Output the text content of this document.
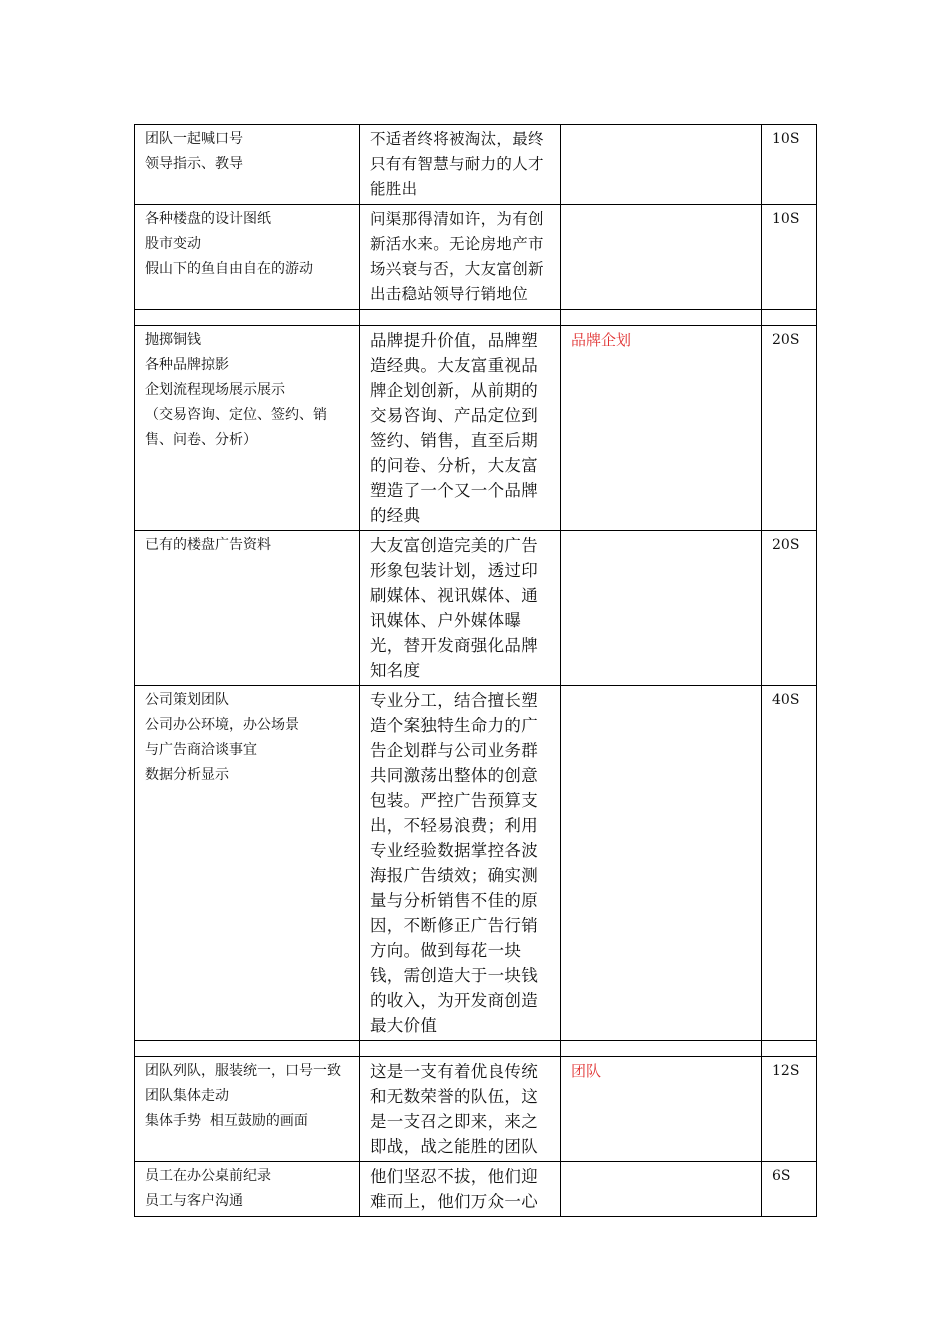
团队一起喊口号
领导指示、教导	不适者终将被淘汰，最终只有有智慧与耐力的人才能胜出		10S

各种楼盘的设计图纸
股市变动
假山下的鱼自由自在的游动	问渠那得清如许，为有创新活水来。无论房地产市场兴衰与否，大友富创新出击稳站领导行销地位		10S

抛掷铜钱
各种品牌掠影
企划流程现场展示展示
（交易咨询、定位、签约、销售、问卷、分析）	品牌提升价值，品牌塑造经典。大友富重视品牌企划创新，从前期的交易咨询、产品定位到签约、销售，直至后期的问卷、分析，大友富塑造了一个又一个品牌的经典	品牌企划	20S

已有的楼盘广告资料	大友富创造完美的广告形象包装计划，透过印刷媒体、视讯媒体、通讯媒体、户外媒体曝光，替开发商强化品牌知名度		20S

公司策划团队
公司办公环境，办公场景
与广告商洽谈事宜
数据分析显示	专业分工，结合擅长塑造个案独特生命力的广告企划群与公司业务群共同激荡出整体的创意包装。严控广告预算支出，不轻易浪费；利用专业经验数据掌控各波海报广告绩效；确实测量与分析销售不佳的原因，不断修正广告行销方向。做到每花一块钱，需创造大于一块钱的收入，为开发商创造最大价值		40S

团队列队，服装统一，口号一致
团队集体走动
集体手势  相互鼓励的画面	这是一支有着优良传统和无数荣誉的队伍，这是一支召之即来，来之即战，战之能胜的团队	团队	12S

员工在办公桌前纪录
员工与客户沟通	他们坚忍不拔，他们迎难而上，他们万众一心		6S
